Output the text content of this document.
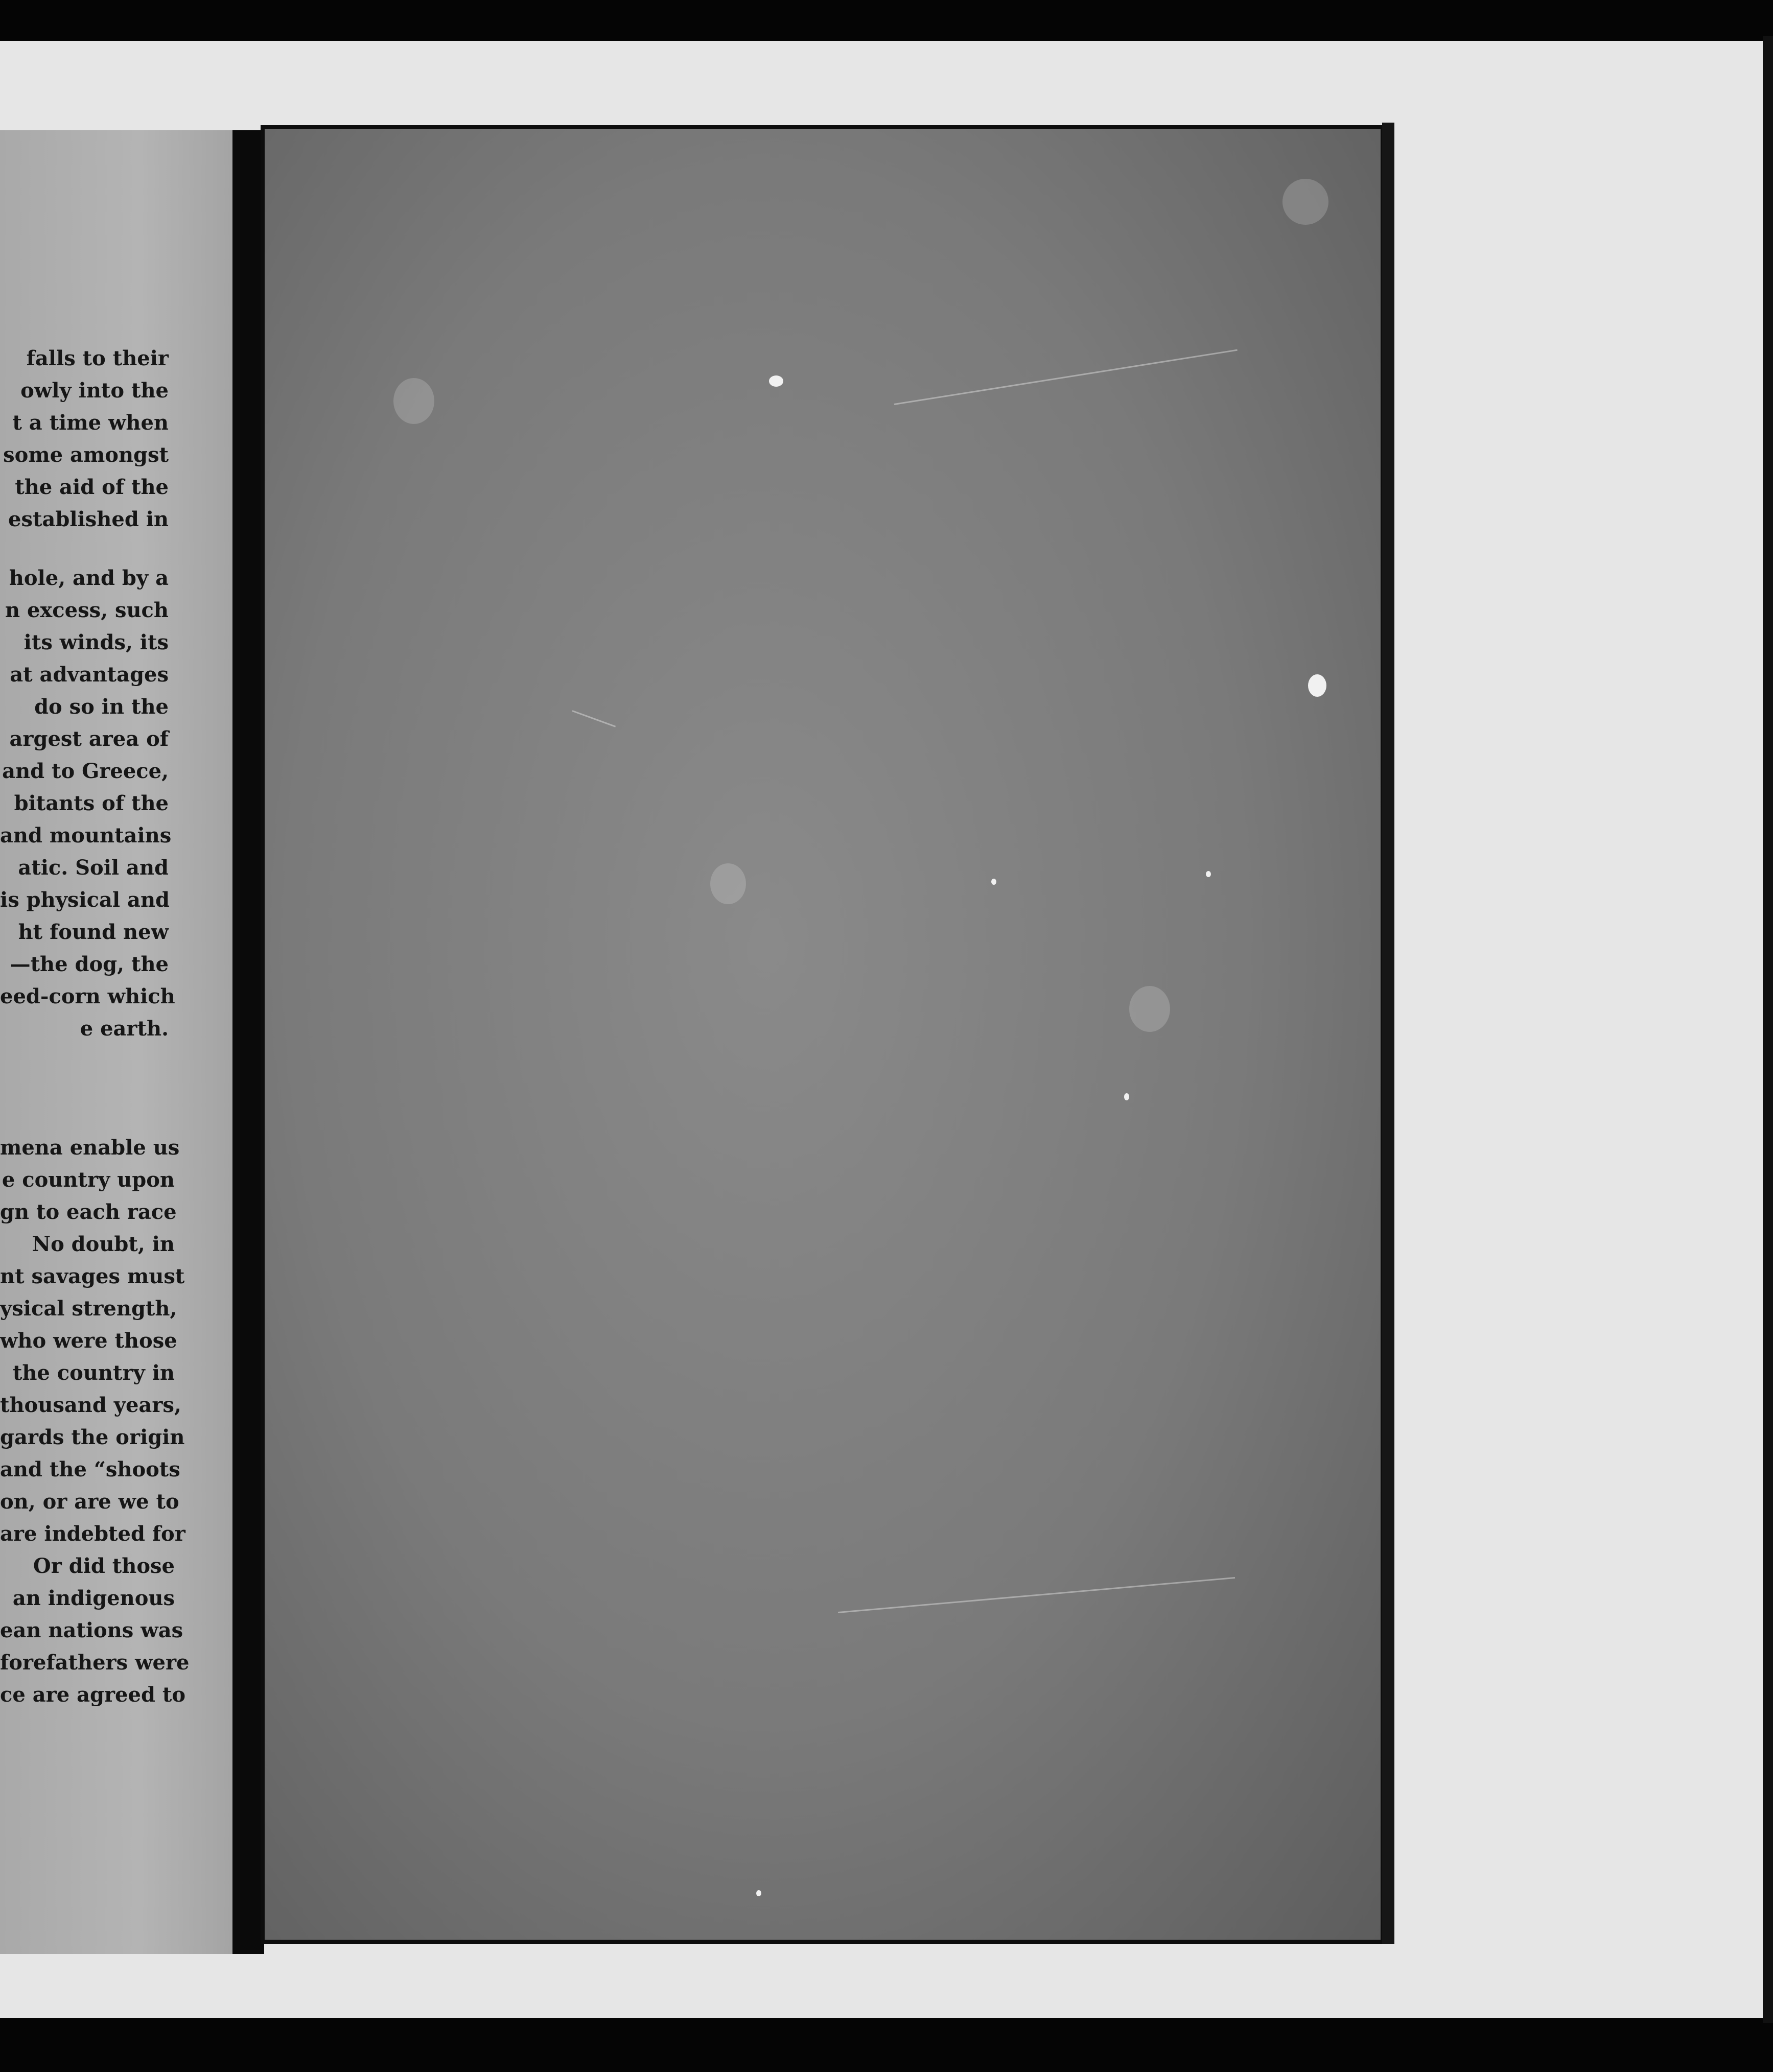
falls to their
owly into the
t a time when
some amongst
the aid of the
established in
hole, and by a
n excess, such
its winds, its
at advantages
do so in the
argest area of
and to Greece,
bitants of the
and mountains
atic. Soil and
is physical and
ht found new
—the dog, the
eed-corn which
e earth.
mena enable us
e country upon
gn to each race
No doubt, in
nt savages must
ysical strength,
who were those
the country in
thousand years,
gards the origin
and the “shoots
on, or are we to
are indebted for
Or did those
an indigenous
ean nations was
forefathers were
ce are agreed to
